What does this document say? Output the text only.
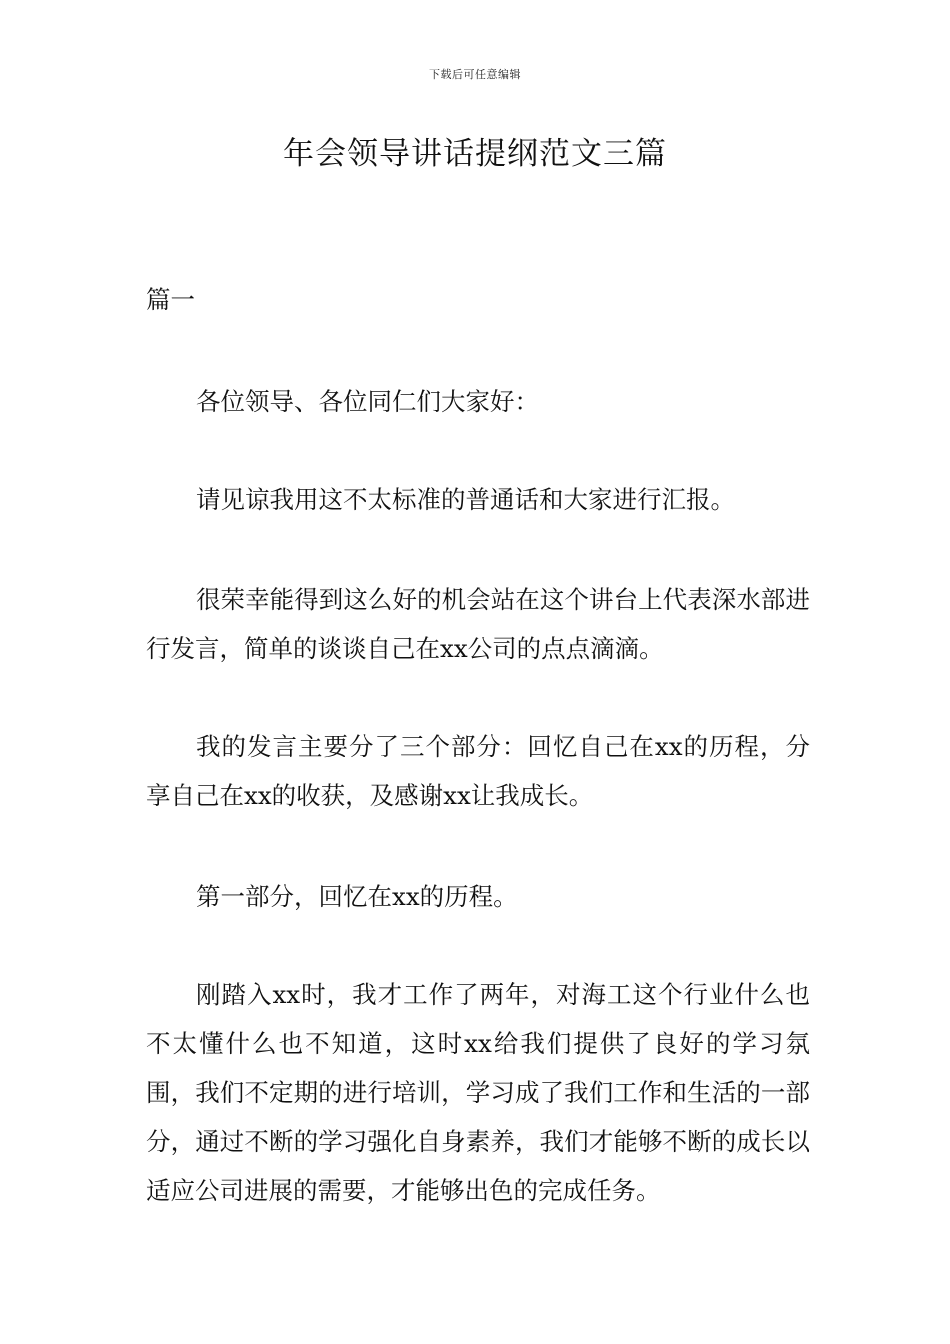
下载后可任意编辑
年会领导讲话提纲范文三篇

篇一

各位领导、各位同仁们大家好：

请见谅我用这不太标准的普通话和大家进行汇报。

很荣幸能得到这么好的机会站在这个讲台上代表深水部进行发言，简单的谈谈自己在xx公司的点点滴滴。

我的发言主要分了三个部分：回忆自己在xx的历程，分享自己在xx的收获，及感谢xx让我成长。

第一部分，回忆在xx的历程。

刚踏入xx时，我才工作了两年，对海工这个行业什么也不太懂什么也不知道，这时xx给我们提供了良好的学习氛围，我们不定期的进行培训，学习成了我们工作和生活的一部分，通过不断的学习强化自身素养，我们才能够不断的成长以适应公司进展的需要，才能够出色的完成任务。
